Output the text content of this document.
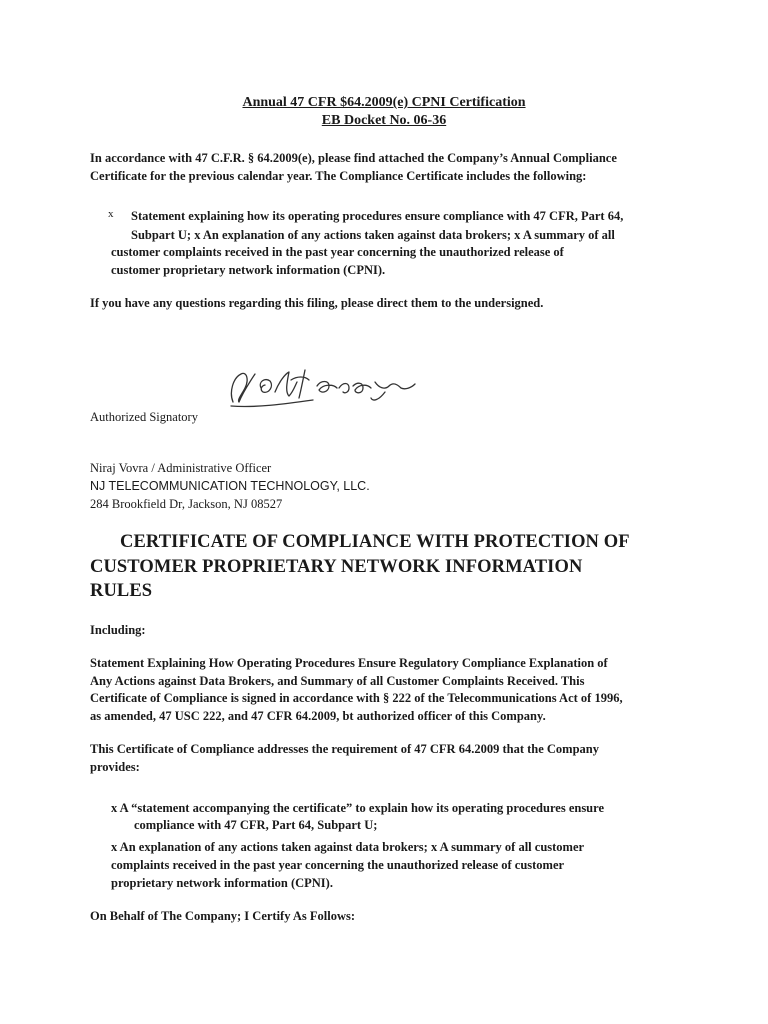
Annual 47 CFR $64.2009(e) CPNI Certification
EB Docket No. 06-36
In accordance with 47 C.F.R. § 64.2009(e), please find attached the Company’s Annual Compliance
Certificate for the previous calendar year. The Compliance Certificate includes the following:
x Statement explaining how its operating procedures ensure compliance with 47 CFR, Part 64,
Subpart U; x An explanation of any actions taken against data brokers; x A summary of all
customer complaints received in the past year concerning the unauthorized release of
customer proprietary network information (CPNI).
If you have any questions regarding this filing, please direct them to the undersigned.
Authorized Signatory
Niraj Vovra / Administrative Officer
NJ TELECOMMUNICATION TECHNOLOGY, LLC.
284 Brookfield Dr, Jackson, NJ 08527
CERTIFICATE OF COMPLIANCE WITH PROTECTION OF
CUSTOMER PROPRIETARY NETWORK INFORMATION
RULES
Including:
Statement Explaining How Operating Procedures Ensure Regulatory Compliance Explanation of
Any Actions against Data Brokers, and Summary of all Customer Complaints Received. This
Certificate of Compliance is signed in accordance with § 222 of the Telecommunications Act of 1996,
as amended, 47 USC 222, and 47 CFR 64.2009, bt authorized officer of this Company.
This Certificate of Compliance addresses the requirement of 47 CFR 64.2009 that the Company
provides:
x A “statement accompanying the certificate” to explain how its operating procedures ensure
compliance with 47 CFR, Part 64, Subpart U;
x An explanation of any actions taken against data brokers; x A summary of all customer
complaints received in the past year concerning the unauthorized release of customer
proprietary network information (CPNI).
On Behalf of The Company; I Certify As Follows:
